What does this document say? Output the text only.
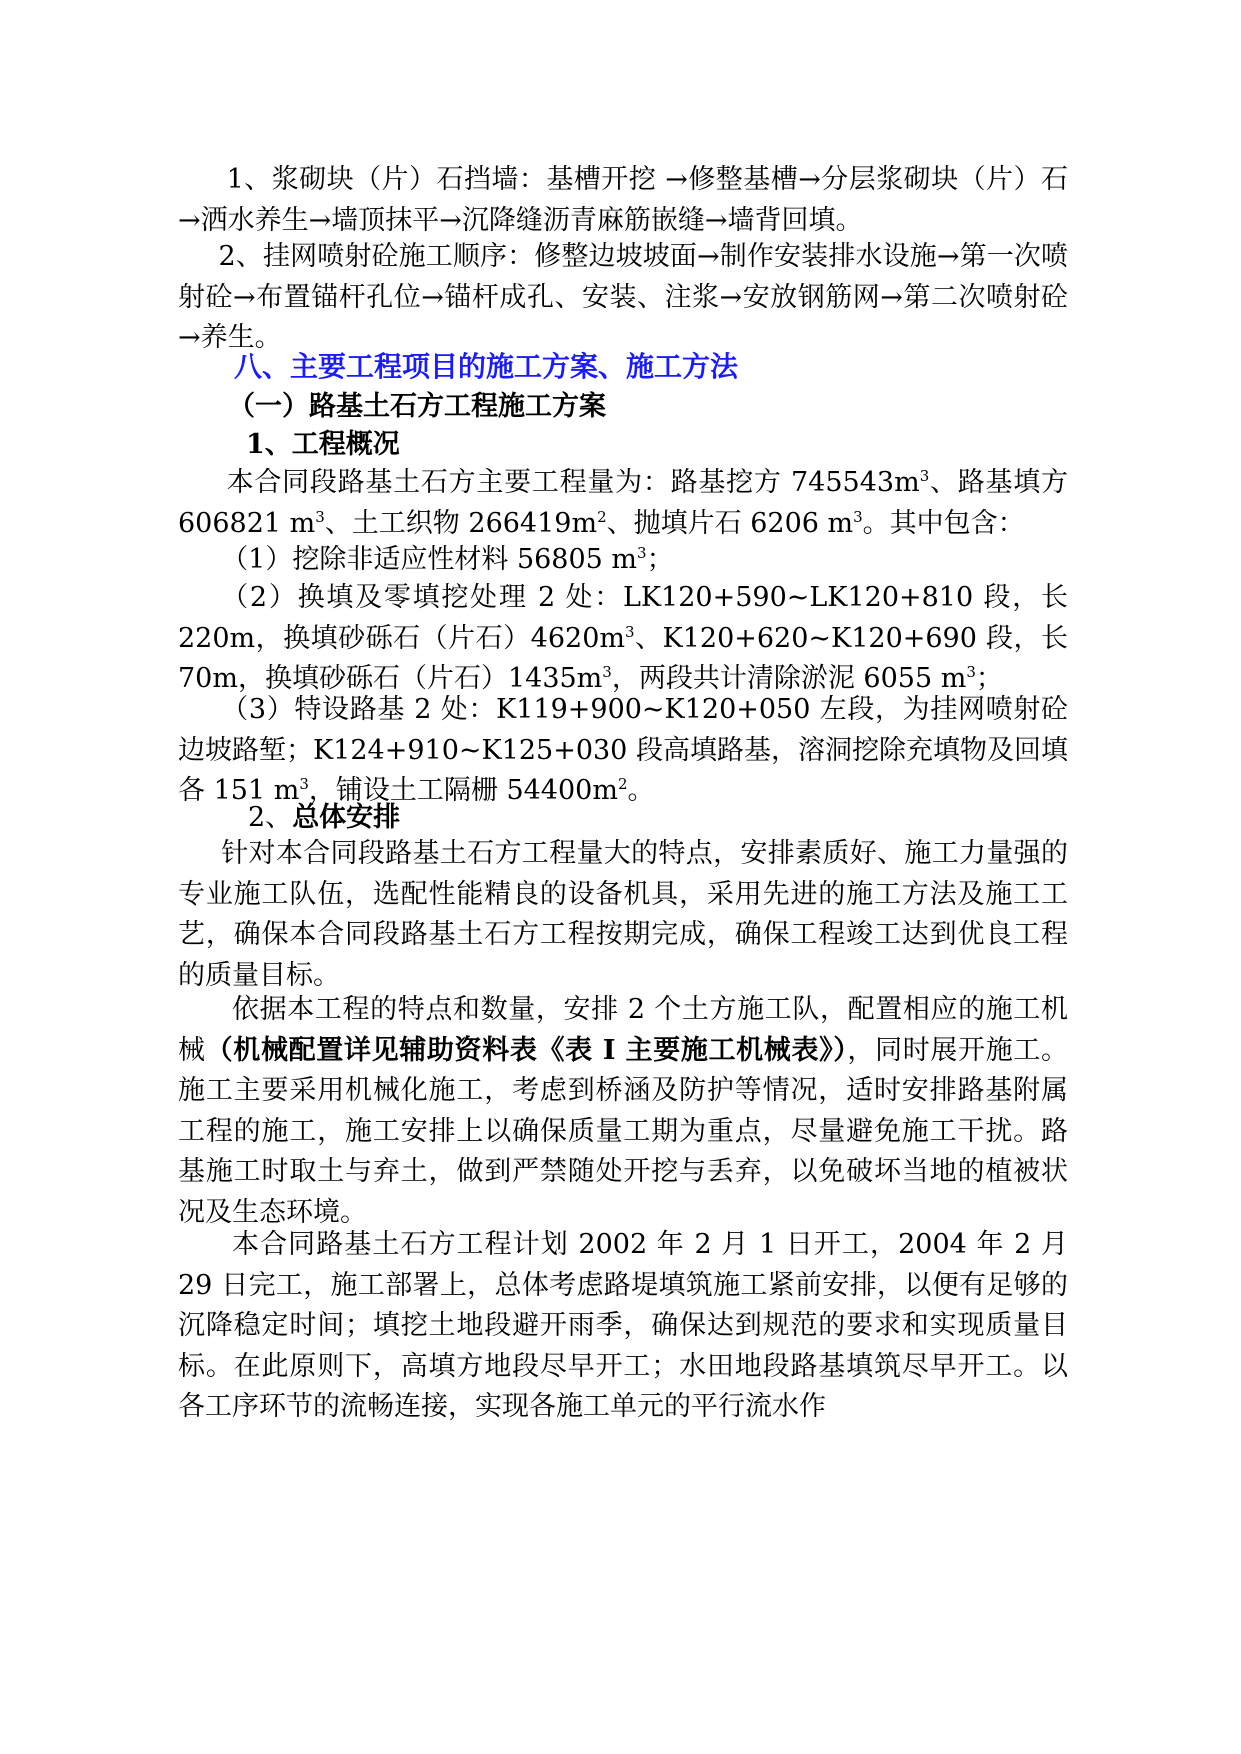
1、浆砌块（片）石挡墙：基槽开挖 →修整基槽→分层浆砌块（片）石→洒水养生→墙顶抹平→沉降缝沥青麻筋嵌缝→墙背回填。

2、挂网喷射砼施工顺序：修整边坡坡面→制作安装排水设施→第一次喷射砼→布置锚杆孔位→锚杆成孔、安装、注浆→安放钢筋网→第二次喷射砼→养生。

八、主要工程项目的施工方案、施工方法
（一）路基土石方工程施工方案
1、工程概况

本合同段路基土石方主要工程量为：路基挖方 $745543m^3$、路基填方 606821 $m^3$、土工织物 $266419m^2$、抛填片石 6206 $m^3$。其中包含：

（1）挖除非适应性材料 56805 $m^3$；

（2）换填及零填挖处理 2 处：LK120+590~LK120+810 段，长 220m，换填砂砾石（片石）$4620m^3$、K120+620~K120+690 段，长 70m，换填砂砾石（片石）$1435m^3$，两段共计清除淤泥 6055 $m^3$；

（3）特设路基 2 处：K119+900~K120+050 左段，为挂网喷射砼边坡路堑；K124+910~K125+030 段高填路基，溶洞挖除充填物及回填各 151 $m^3$，铺设土工隔栅 $54400m^2$。

2、总体安排

针对本合同段路基土石方工程量大的特点，安排素质好、施工力量强的专业施工队伍，选配性能精良的设备机具，采用先进的施工方法及施工工艺，确保本合同段路基土石方工程按期完成，确保工程竣工达到优良工程的质量目标。

依据本工程的特点和数量，安排 2 个土方施工队，配置相应的施工机械（机械配置详见辅助资料表《表 I 主要施工机械表》），同时展开施工。施工主要采用机械化施工，考虑到桥涵及防护等情况，适时安排路基附属工程的施工，施工安排上以确保质量工期为重点，尽量避免施工干扰。路基施工时取土与弃土，做到严禁随处开挖与丢弃，以免破坏当地的植被状况及生态环境。

本合同路基土石方工程计划 2002 年 2 月 1 日开工，2004 年 2 月 29 日完工，施工部署上，总体考虑路堤填筑施工紧前安排，以便有足够的沉降稳定时间；填挖土地段避开雨季，确保达到规范的要求和实现质量目标。在此原则下，高填方地段尽早开工；水田地段路基填筑尽早开工。以各工序环节的流畅连接，实现各施工单元的平行流水作
